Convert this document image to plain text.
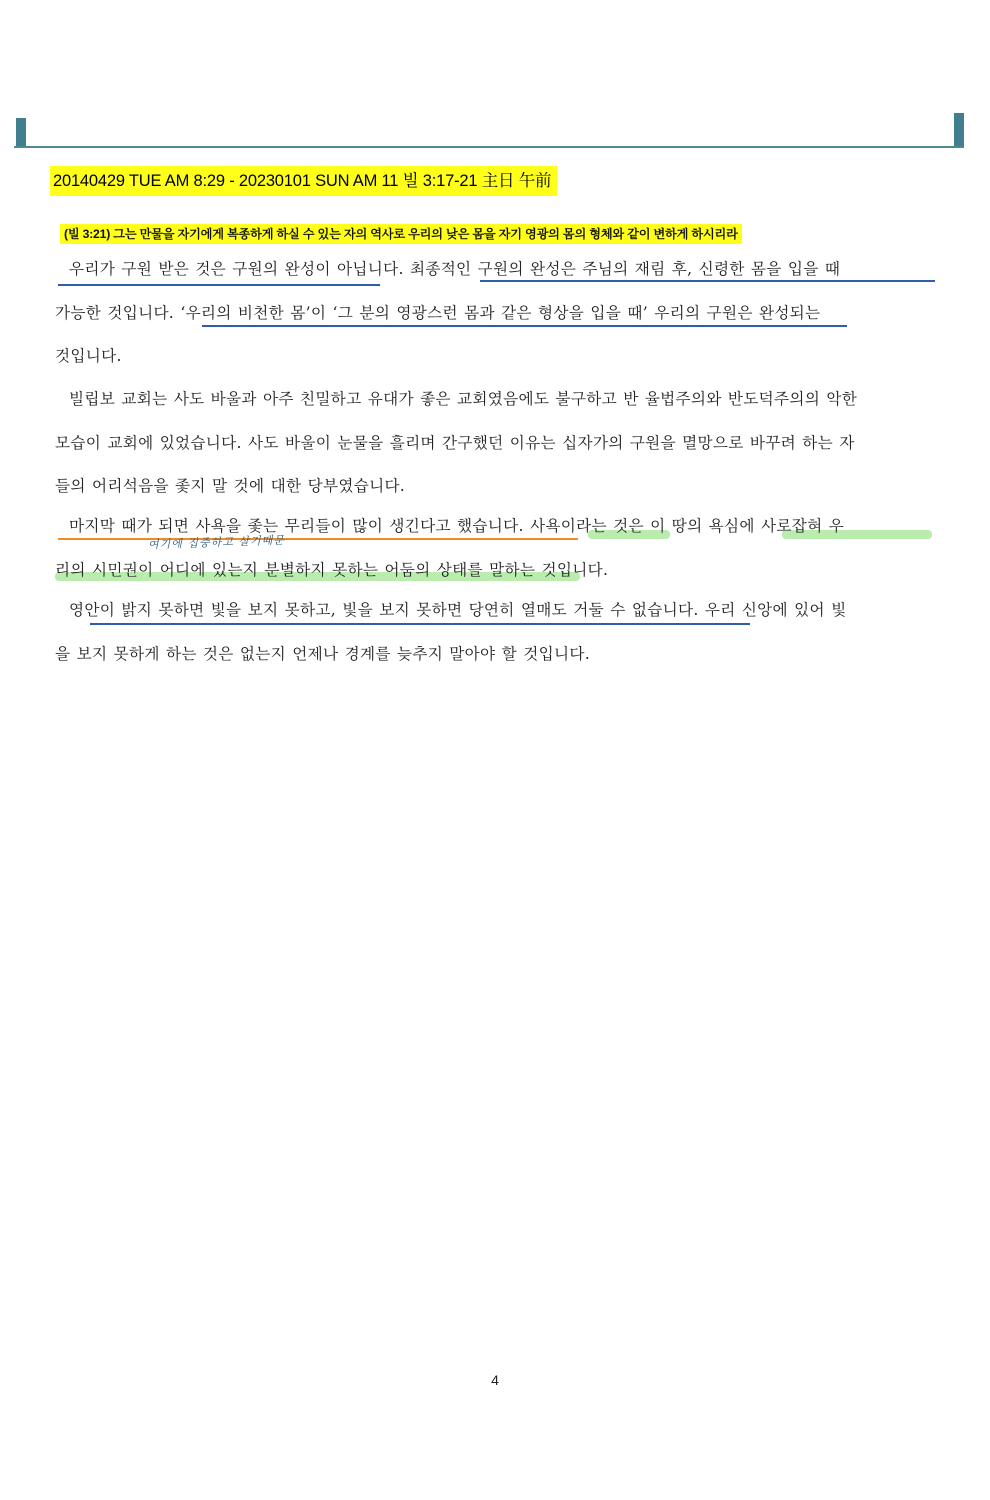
20140429 TUE AM 8:29 - 20230101 SUN AM 11 빌 3:17-21 主日 午前
(빌 3:21) 그는 만물을 자기에게 복종하게 하실 수 있는 자의 역사로 우리의 낮은 몸을 자기 영광의 몸의 형체와 같이 변하게 하시리라
우리가 구원 받은 것은 구원의 완성이 아닙니다. 최종적인 구원의 완성은 주님의 재림 후, 신령한 몸을 입을 때
가능한 것입니다. ‘우리의 비천한 몸’이 ‘그 분의 영광스런 몸과 같은 형상을 입을 때’ 우리의 구원은 완성되는
것입니다.
빌립보 교회는 사도 바울과 아주 친밀하고 유대가 좋은 교회였음에도 불구하고 반 율법주의와 반도덕주의의 악한
모습이 교회에 있었습니다. 사도 바울이 눈물을 흘리며 간구했던 이유는 십자가의 구원을 멸망으로 바꾸려 하는 자
들의 어리석음을 좇지 말 것에 대한 당부였습니다.
마지막 때가 되면 사욕을 좇는 무리들이 많이 생긴다고 했습니다. 사욕이라는 것은 이 땅의 욕심에 사로잡혀 우
리의 시민권이 어디에 있는지 분별하지 못하는 어둠의 상태를 말하는 것입니다.
영안이 밝지 못하면 빛을 보지 못하고, 빛을 보지 못하면 당연히 열매도 거둘 수 없습니다. 우리 신앙에 있어 빛
을 보지 못하게 하는 것은 없는지 언제나 경계를 늦추지 말아야 할 것입니다.
여기에 집중하고 살기때문
4
